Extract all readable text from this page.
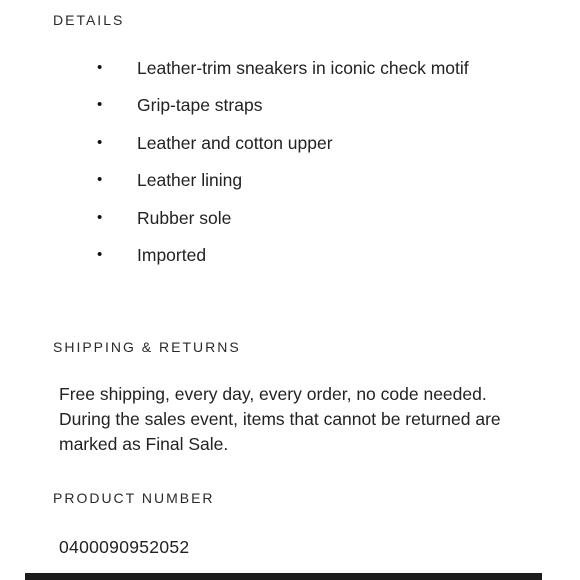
DETAILS
• Leather-trim sneakers in iconic check motif
• Grip-tape straps
• Leather and cotton upper
• Leather lining
• Rubber sole
• Imported
SHIPPING & RETURNS

Free shipping, every day, every order, no code needed. During the sales event, items that cannot be returned are marked as Final Sale.

PRODUCT NUMBER

0400090952052
